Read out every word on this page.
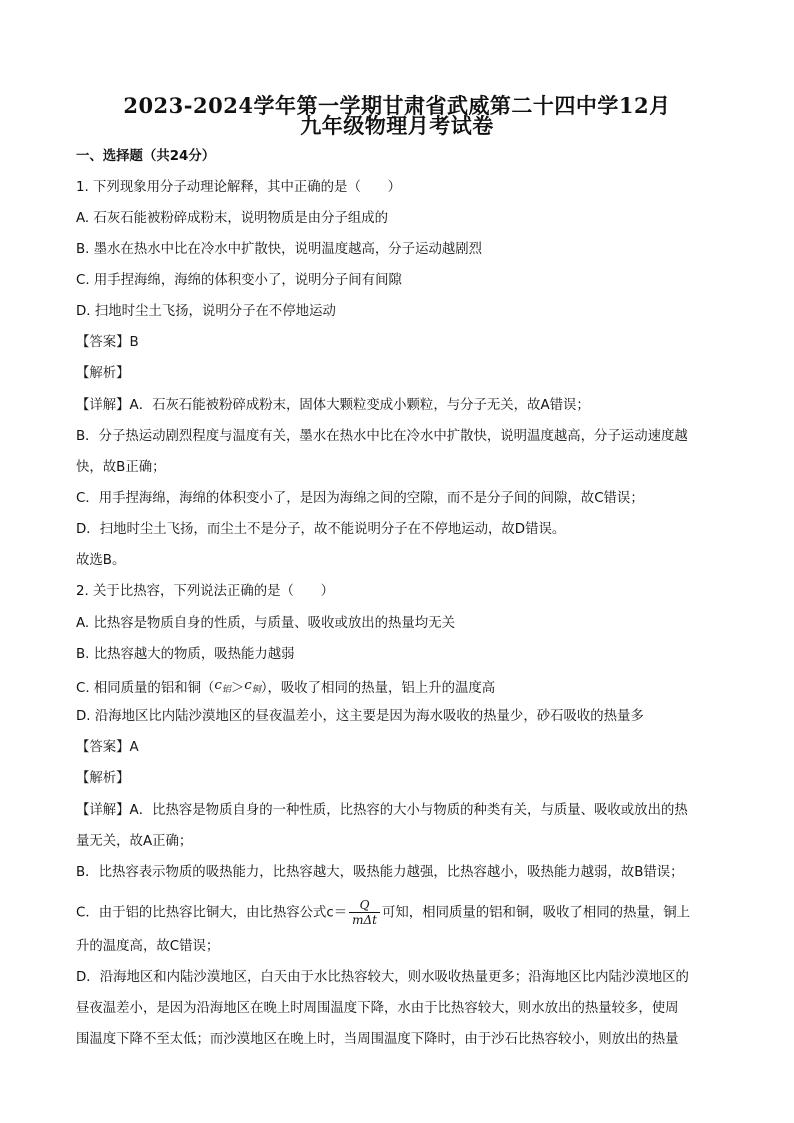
2023-2024学年第一学期甘肃省武威第二十四中学12月
九年级物理月考试卷
一、选择题（共24分）
1. 下列现象用分子动理论解释，其中正确的是（　　）
A. 石灰石能被粉碎成粉末，说明物质是由分子组成的
B. 墨水在热水中比在冷水中扩散快，说明温度越高，分子运动越剧烈
C. 用手捏海绵，海绵的体积变小了，说明分子间有间隙
D. 扫地时尘土飞扬，说明分子在不停地运动
【答案】B
【解析】
【详解】A．石灰石能被粉碎成粉末，固体大颗粒变成小颗粒，与分子无关，故A错误；
B．分子热运动剧烈程度与温度有关，墨水在热水中比在冷水中扩散快，说明温度越高，分子运动速度越
快，故B正确；
C．用手捏海绵，海绵的体积变小了，是因为海绵之间的空隙，而不是分子间的间隙，故C错误；
D．扫地时尘土飞扬，而尘土不是分子，故不能说明分子在不停地运动，故D错误。
故选B。
2. 关于比热容，下列说法正确的是（　　）
A. 比热容是物质自身的性质，与质量、吸收或放出的热量均无关
B. 比热容越大的物质，吸热能力越弱
C. 相同质量的铝和铜$(c_铝>c_铜)$，吸收了相同的热量，铝上升的温度高
D. 沿海地区比内陆沙漠地区的昼夜温差小，这主要是因为海水吸收的热量少，砂石吸收的热量多
【答案】A
【解析】
【详解】A．比热容是物质自身的一种性质，比热容的大小与物质的种类有关，与质量、吸收或放出的热
量无关，故A正确；
B．比热容表示物质的吸热能力，比热容越大，吸热能力越强，比热容越小，吸热能力越弱，故B错误；
C．由于铝的比热容比铜大，由比热容公式$c= \frac{Q}{\text{mΔt}}$ 可知，相同质量的铝和铜，吸收了相同的热量，铜上
升的温度高，故C错误；
D．沿海地区和内陆沙漠地区，白天由于水比热容较大，则水吸收热量更多；沿海地区比内陆沙漠地区的
昼夜温差小，是因为沿海地区在晚上时周围温度下降，水由于比热容较大，则水放出的热量较多，使周
围温度下降不至太低；而沙漠地区在晚上时，当周围温度下降时，由于沙石比热容较小，则放出的热量
